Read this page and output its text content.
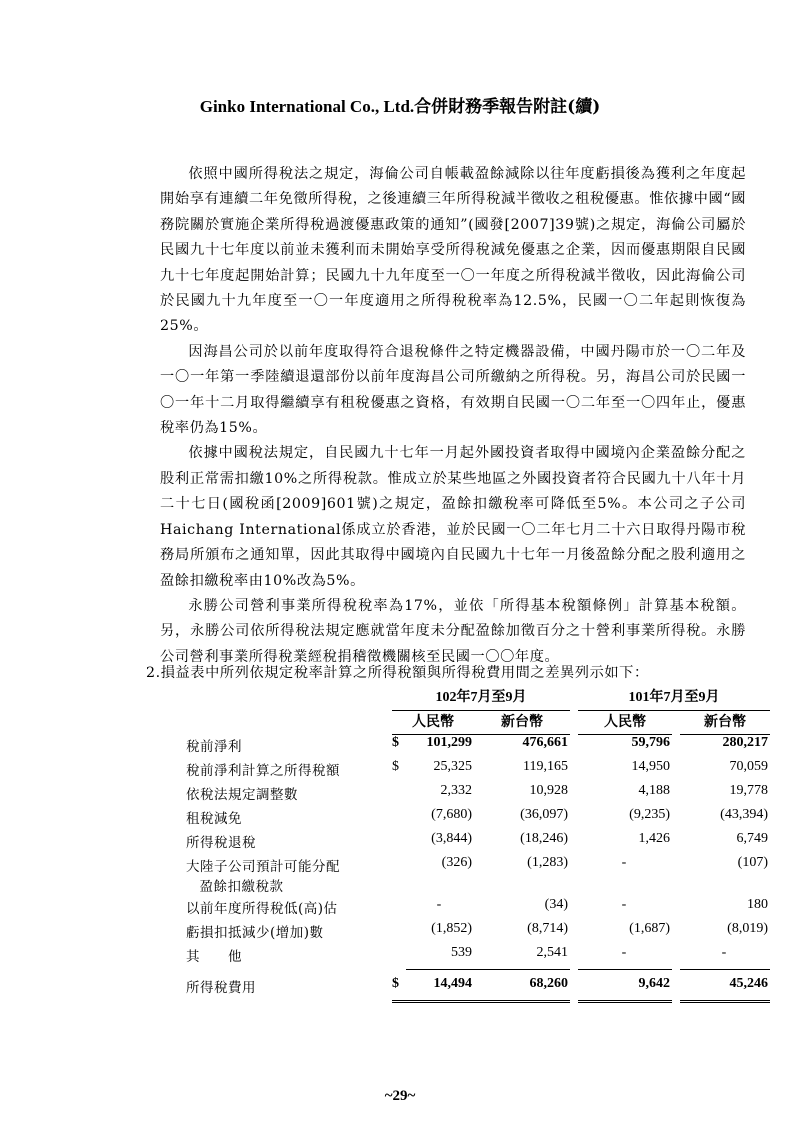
Ginko International Co., Ltd.合併財務季報告附註(續)

依照中國所得稅法之規定，海倫公司自帳載盈餘減除以往年度虧損後為獲利之年度起開始享有連續二年免徵所得稅，之後連續三年所得稅減半徵收之租稅優惠。惟依據中國“國務院關於實施企業所得稅過渡優惠政策的通知”(國發[2007]39號)之規定，海倫公司屬於民國九十七年度以前並未獲利而未開始享受所得稅減免優惠之企業，因而優惠期限自民國九十七年度起開始計算；民國九十九年度至一〇一年度之所得稅減半徵收，因此海倫公司於民國九十九年度至一〇一年度適用之所得稅稅率為12.5%，民國一〇二年起則恢復為25%。

因海昌公司於以前年度取得符合退稅條件之特定機器設備，中國丹陽市於一〇二年及一〇一年第一季陸續退還部份以前年度海昌公司所繳納之所得稅。另，海昌公司於民國一〇一年十二月取得繼續享有租稅優惠之資格，有效期自民國一〇二年至一〇四年止，優惠稅率仍為15%。

依據中國稅法規定，自民國九十七年一月起外國投資者取得中國境內企業盈餘分配之股利正常需扣繳10%之所得稅款。惟成立於某些地區之外國投資者符合民國九十八年十月二十七日(國稅函[2009]601號)之規定，盈餘扣繳稅率可降低至5%。本公司之子公司Haichang International係成立於香港，並於民國一〇二年七月二十六日取得丹陽市稅務局所頒布之通知單，因此其取得中國境內自民國九十七年一月後盈餘分配之股利適用之盈餘扣繳稅率由10%改為5%。

永勝公司營利事業所得稅稅率為17%，並依「所得基本稅額條例」計算基本稅額。另，永勝公司依所得稅法規定應就當年度未分配盈餘加徵百分之十營利事業所得稅。永勝公司營利事業所得稅業經稅捐稽徵機關核至民國一〇〇年度。

2.損益表中所列依規定稅率計算之所得稅額與所得稅費用間之差異列示如下：
	102年7月至9月				101年7月至9月		
	人民幣		新台幣		人民幣		新台幣
稅前淨利	$	101,299	476,661		59,796		280,217
稅前淨利計算之所得稅額	$	25,325	119,165		14,950		70,059
依稅法規定調整數		2,332	10,928		4,188		19,778
租稅減免		(7,680)	(36,097)		(9,235)		(43,394)
所得稅退稅		(3,844)	(18,246)		1,426		6,749

大陸子公司預計可能分配
盈餘扣繳稅款		(326)	(1,283)		-		(107)
以前年度所得稅低(高)估		-	(34)		-		180
虧損扣抵減少(增加)數		(1,852)	(8,714)		(1,687)		(8,019)
其　　他		539	2,541		-		-
所得稅費用	$	14,494	68,260		9,642		45,246
~29~
